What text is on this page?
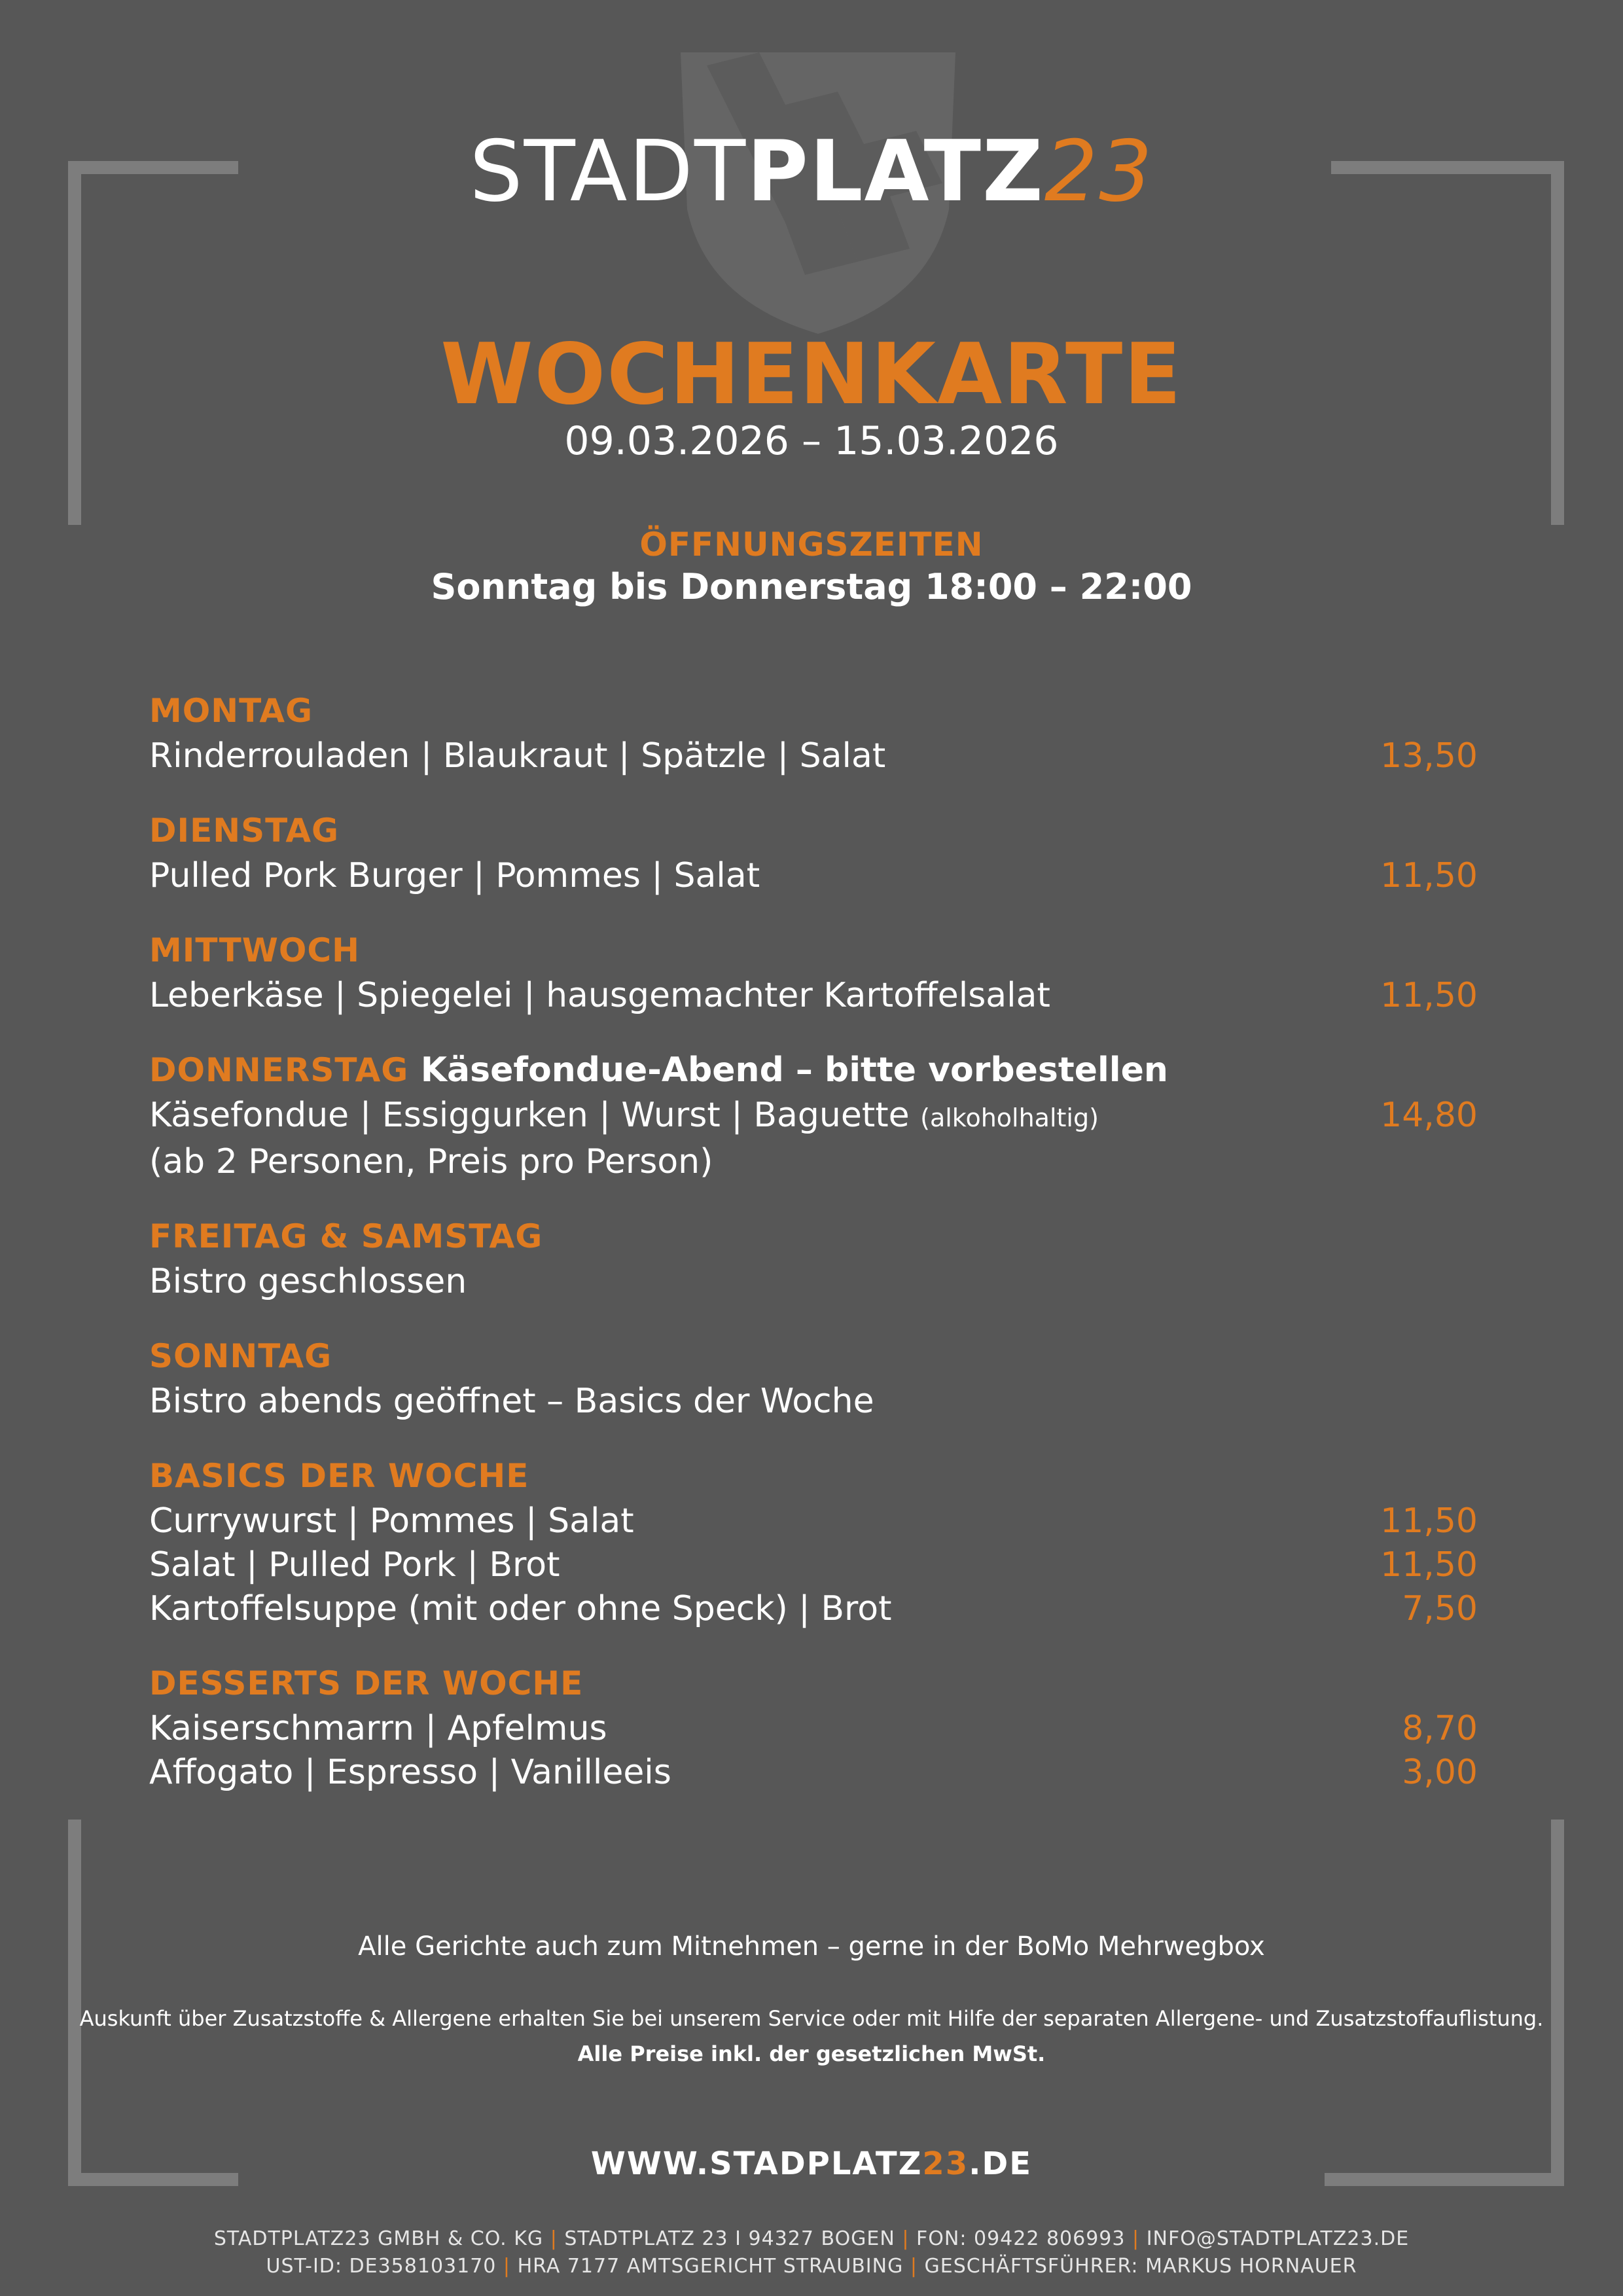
STADTPLATZ23
WOCHENKARTE
09.03.2026 – 15.03.2026
ÖFFNUNGSZEITEN
Sonntag bis Donnerstag 18:00 – 22:00
MONTAG
Rinderrouladen | Blaukraut | Spätzle | Salat	13,50
DIENSTAG
Pulled Pork Burger | Pommes | Salat	11,50
MITTWOCH
Leberkäse | Spiegelei | hausgemachter Kartoffelsalat	11,50
DONNERSTAG Käsefondue-Abend – bitte vorbestellen
Käsefondue | Essiggurken | Wurst | Baguette (alkoholhaltig)	14,80
(ab 2 Personen, Preis pro Person)
FREITAG & SAMSTAG
Bistro geschlossen
SONNTAG
Bistro abends geöffnet – Basics der Woche
BASICS DER WOCHE
Currywurst | Pommes | Salat	11,50
Salat | Pulled Pork | Brot	11,50
Kartoffelsuppe (mit oder ohne Speck) | Brot	7,50
DESSERTS DER WOCHE
Kaiserschmarrn | Apfelmus	8,70
Affogato | Espresso | Vanilleeis	3,00
Alle Gerichte auch zum Mitnehmen – gerne in der BoMo Mehrwegbox
Auskunft über Zusatzstoffe & Allergene erhalten Sie bei unserem Service oder mit Hilfe der separaten Allergene- und Zusatzstoffauflistung.
Alle Preise inkl. der gesetzlichen MwSt.
WWW.STADPLATZ23.DE
STADTPLATZ23 GMBH & CO. KG | STADTPLATZ 23 I 94327 BOGEN | FON: 09422 806993 | INFO@STADTPLATZ23.DE
UST-ID: DE358103170 | HRA 7177 AMTSGERICHT STRAUBING | GESCHÄFTSFÜHRER: MARKUS HORNAUER
